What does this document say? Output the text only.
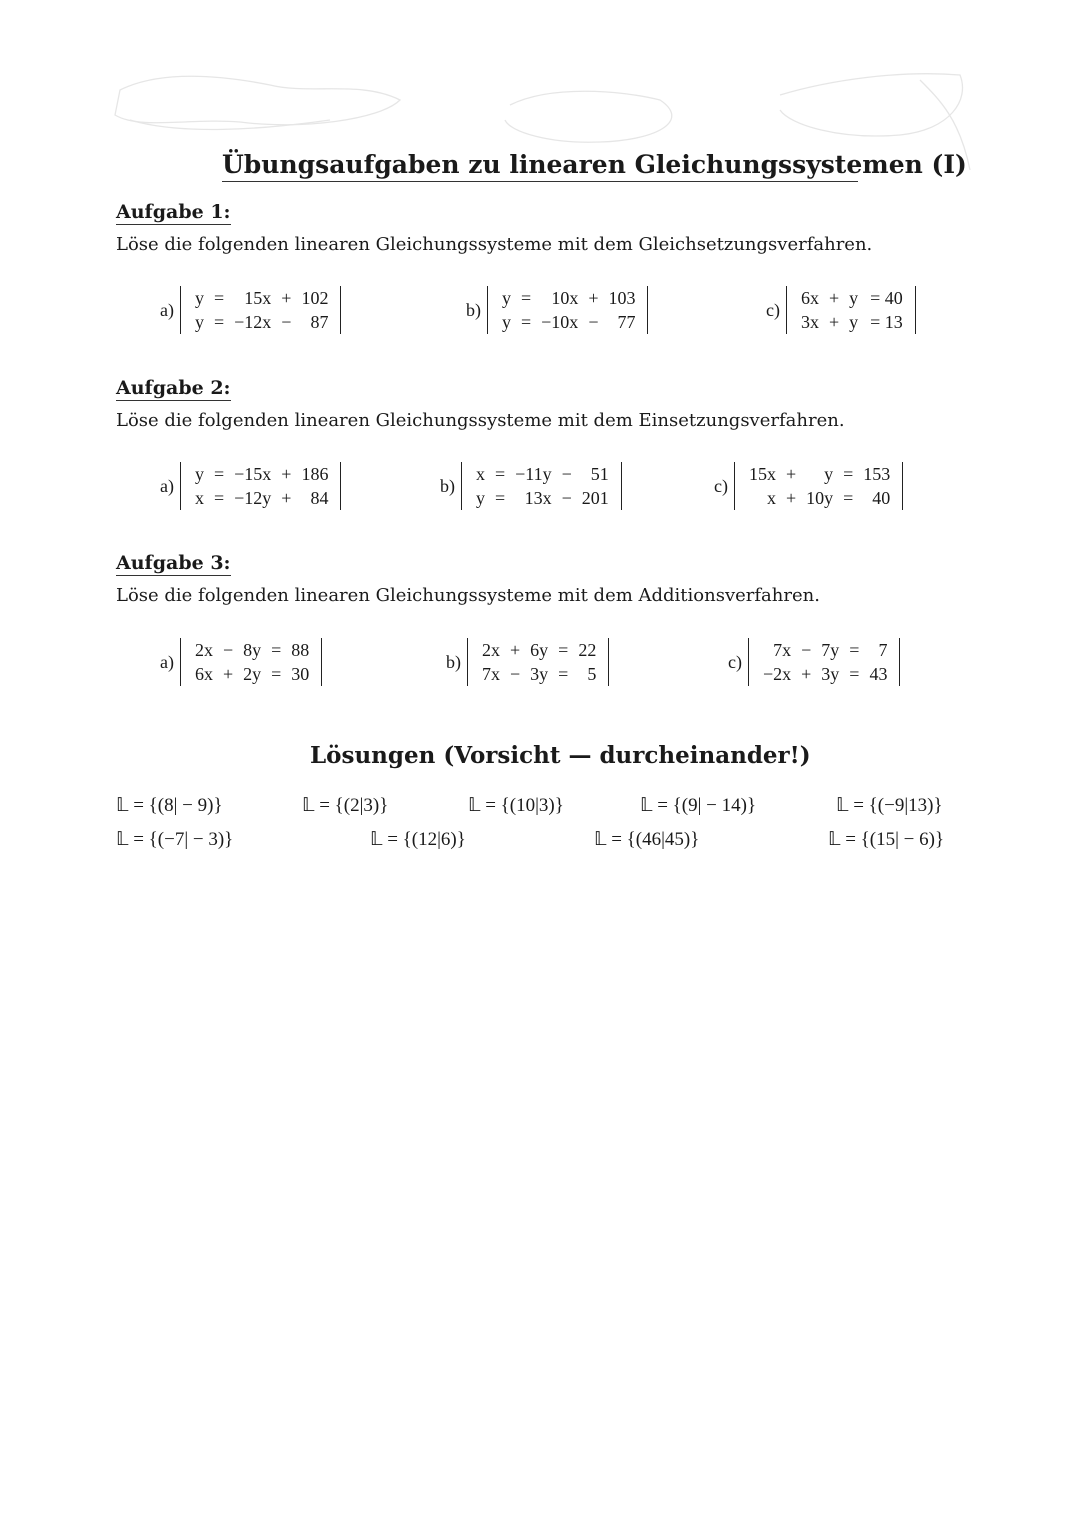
Übungsaufgaben zu linearen Gleichungssystemen (I)
Aufgabe 1:
Löse die folgenden linearen Gleichungssysteme mit dem Gleichsetzungsverfahren.
a)
y	=	15x	+	102
y	=	−12x	−	87
b)
y	=	10x	+	103
y	=	−10x	−	77
c)
6x	+	y	= 40
3x	+	y	= 13
Aufgabe 2:
Löse die folgenden linearen Gleichungssysteme mit dem Einsetzungsverfahren.
a)
y	=	−15x	+	186
x	=	−12y	+	84
b)
x	=	−11y	−	51
y	=	13x	−	201
c)
15x	+	y	=	153
x	+	10y	=	40
Aufgabe 3:
Löse die folgenden linearen Gleichungssysteme mit dem Additionsverfahren.
a)
2x	−	8y	=	88
6x	+	2y	=	30
b)
2x	+	6y	=	22
7x	−	3y	=	5
c)
7x	−	7y	=	7
−2x	+	3y	=	43
Lösungen (Vorsicht — durcheinander!)
𝕃 = {(8| − 9)}	𝕃 = {(2|3)}	𝕃 = {(10|3)}	𝕃 = {(9| − 14)}	𝕃 = {(−9|13)}
𝕃 = {(−7| − 3)}	𝕃 = {(12|6)}	𝕃 = {(46|45)}	𝕃 = {(15| − 6)}
